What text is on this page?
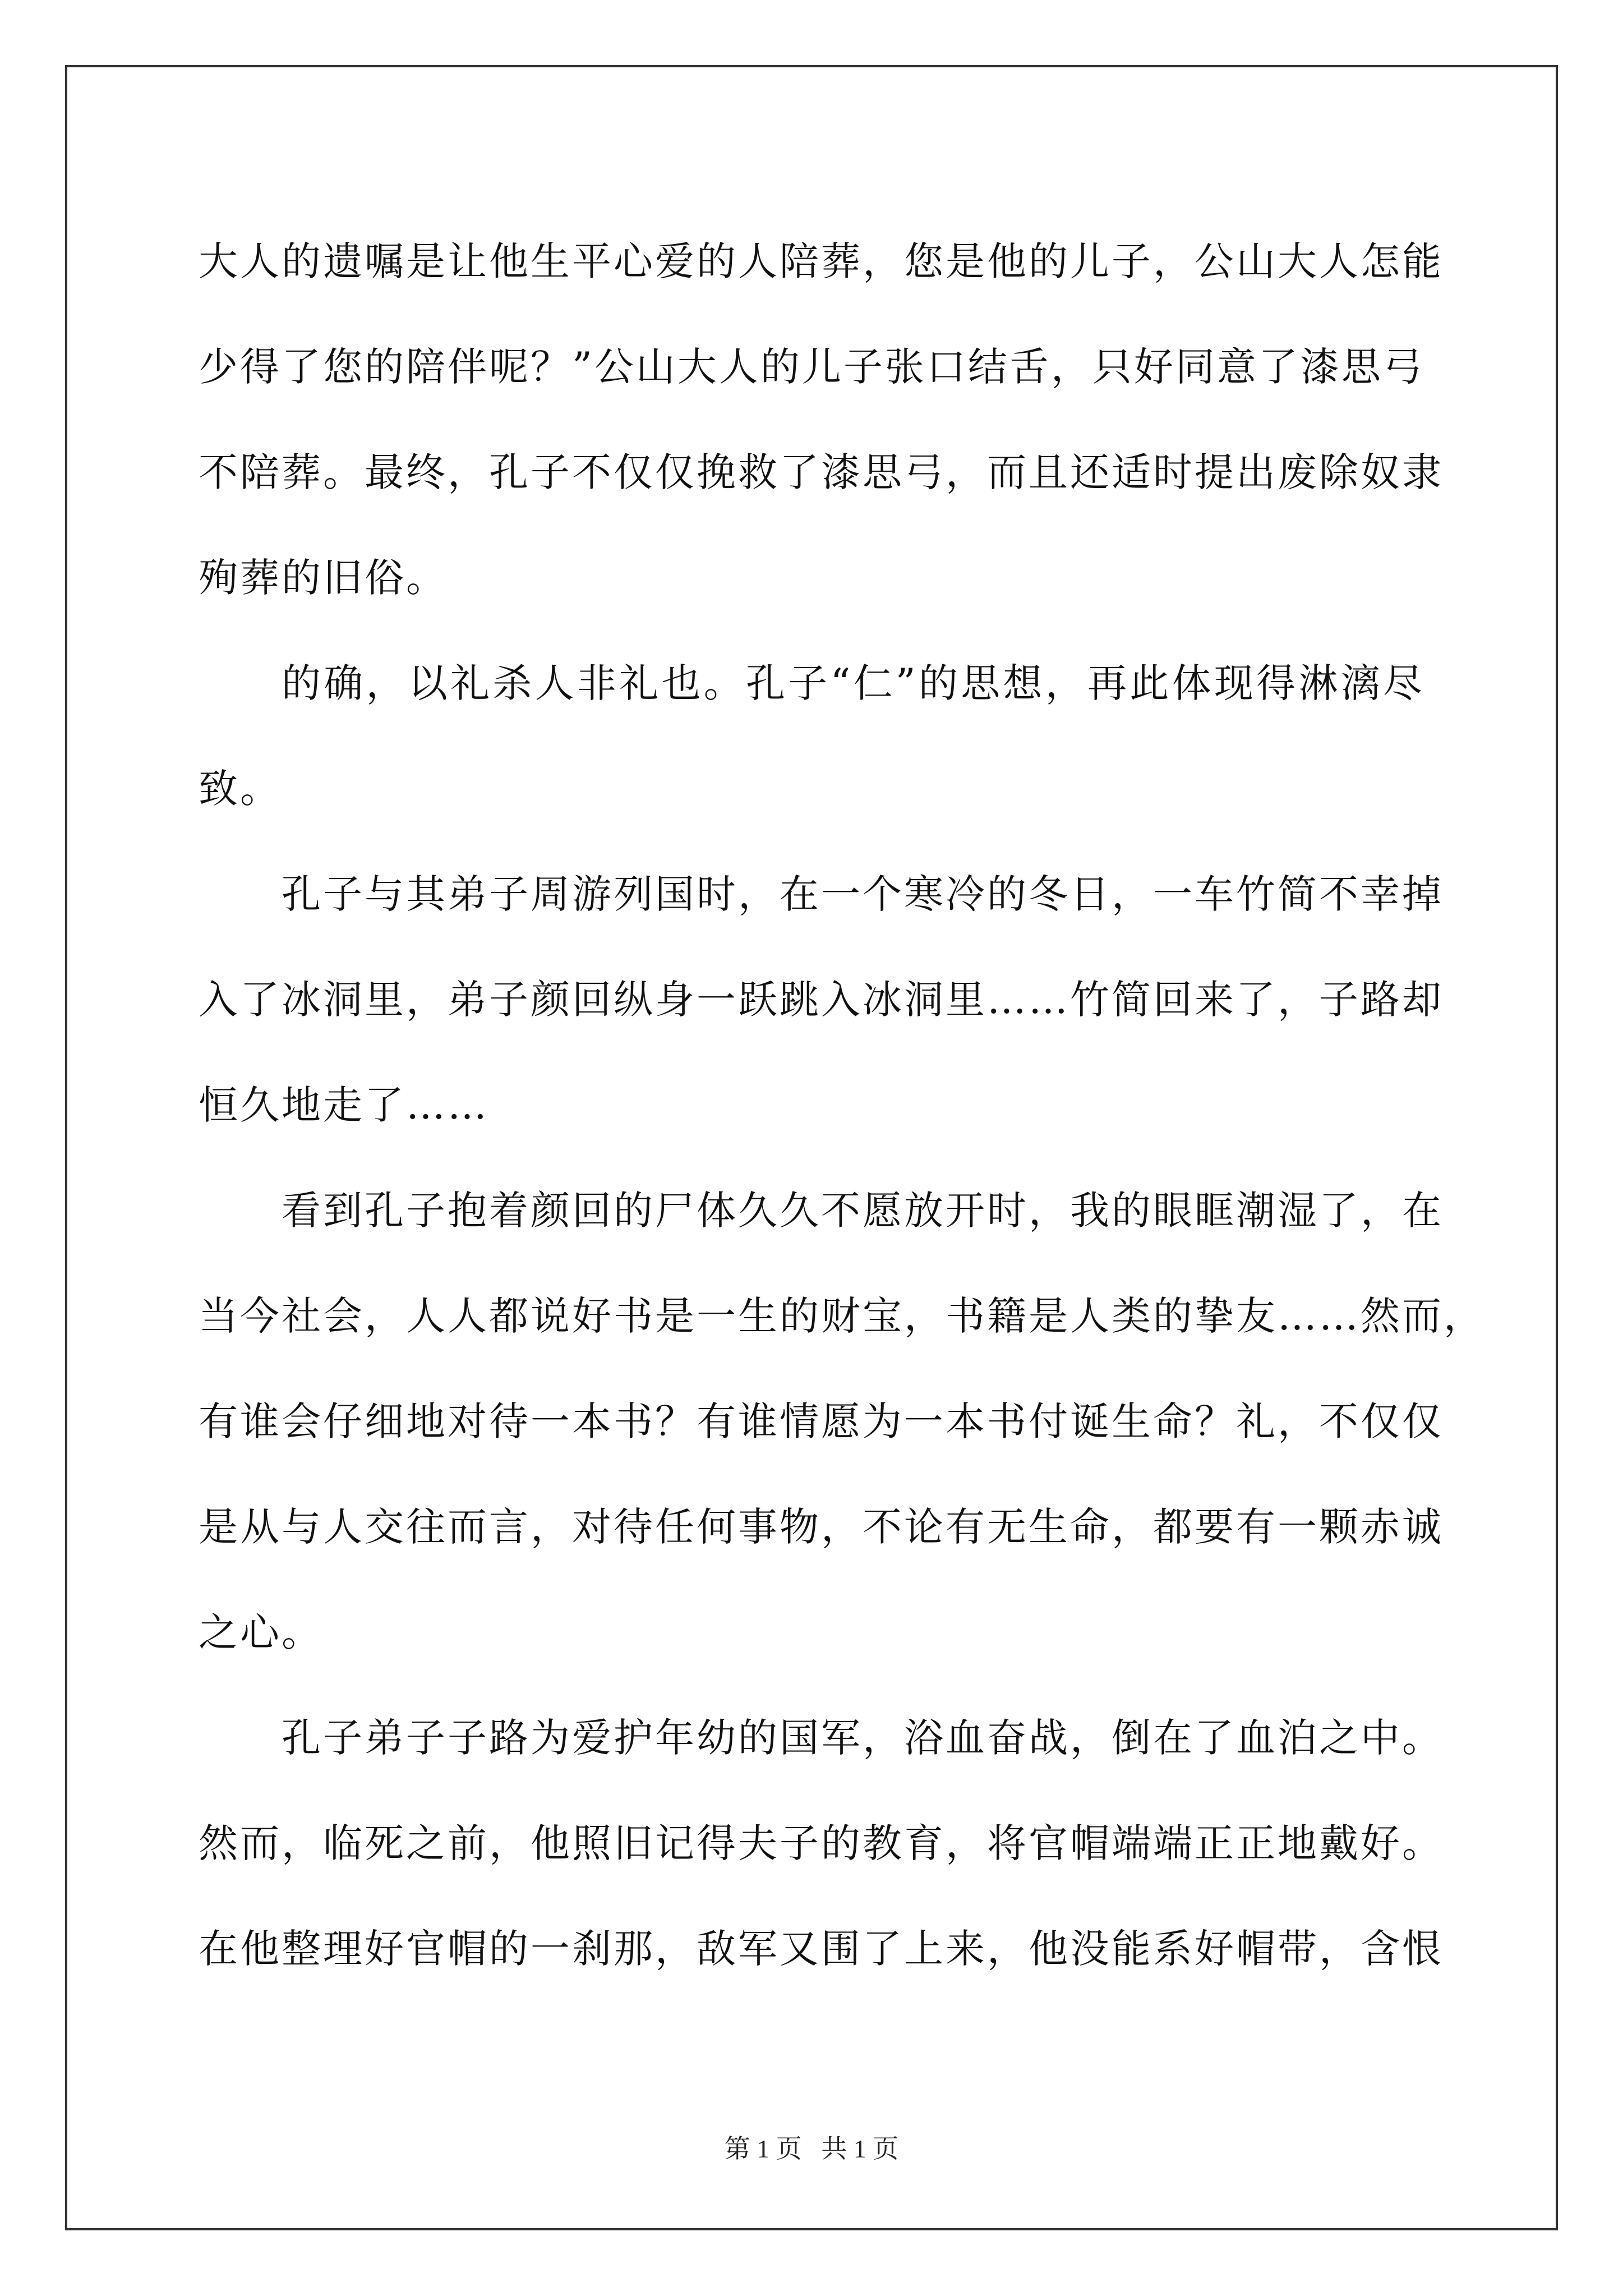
大人的遗嘱是让他生平心爱的人陪葬，您是他的儿子，公山大人怎能
少得了您的陪伴呢？”公山大人的儿子张口结舌，只好同意了漆思弓
不陪葬。最终，孔子不仅仅挽救了漆思弓，而且还适时提出废除奴隶
殉葬的旧俗。
的确，以礼杀人非礼也。孔子“仁”的思想，再此体现得淋漓尽
致。
孔子与其弟子周游列国时，在一个寒冷的冬日，一车竹简不幸掉
入了冰洞里，弟子颜回纵身一跃跳入冰洞里……竹简回来了，子路却
恒久地走了……
看到孔子抱着颜回的尸体久久不愿放开时，我的眼眶潮湿了，在
当今社会，人人都说好书是一生的财宝，书籍是人类的挚友……然而，
有谁会仔细地对待一本书？有谁情愿为一本书付诞生命？礼，不仅仅
是从与人交往而言，对待任何事物，不论有无生命，都要有一颗赤诚
之心。
孔子弟子子路为爱护年幼的国军，浴血奋战，倒在了血泊之中。
然而，临死之前，他照旧记得夫子的教育，将官帽端端正正地戴好。
在他整理好官帽的一刹那，敌军又围了上来，他没能系好帽带，含恨
第 1 页   共 1 页
